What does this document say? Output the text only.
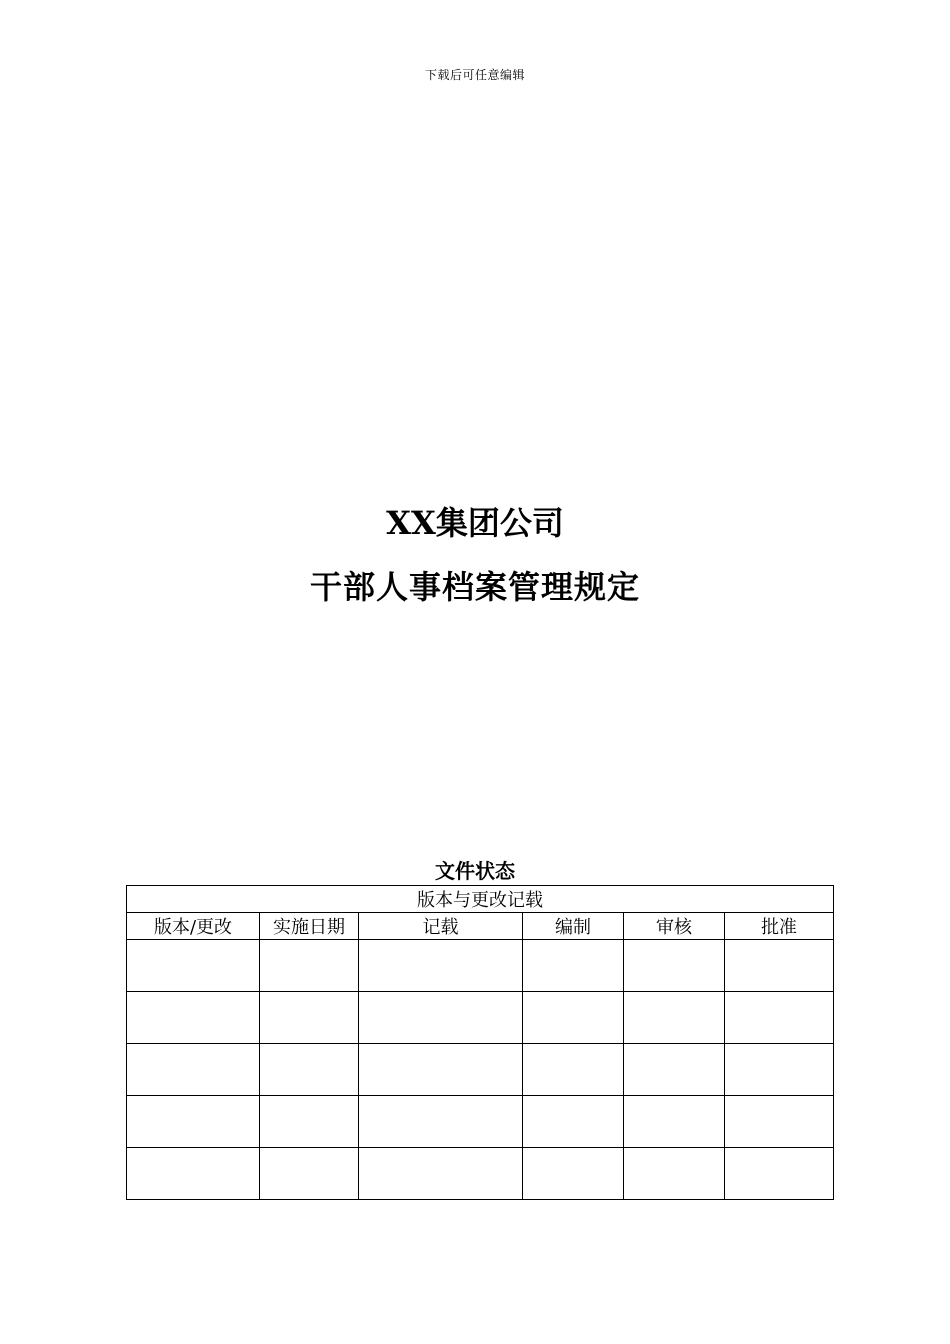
下载后可任意编辑
XX集团公司
干部人事档案管理规定
文件状态
版本与更改记载					
版本/更改	实施日期	记载	编制	审核	批准
